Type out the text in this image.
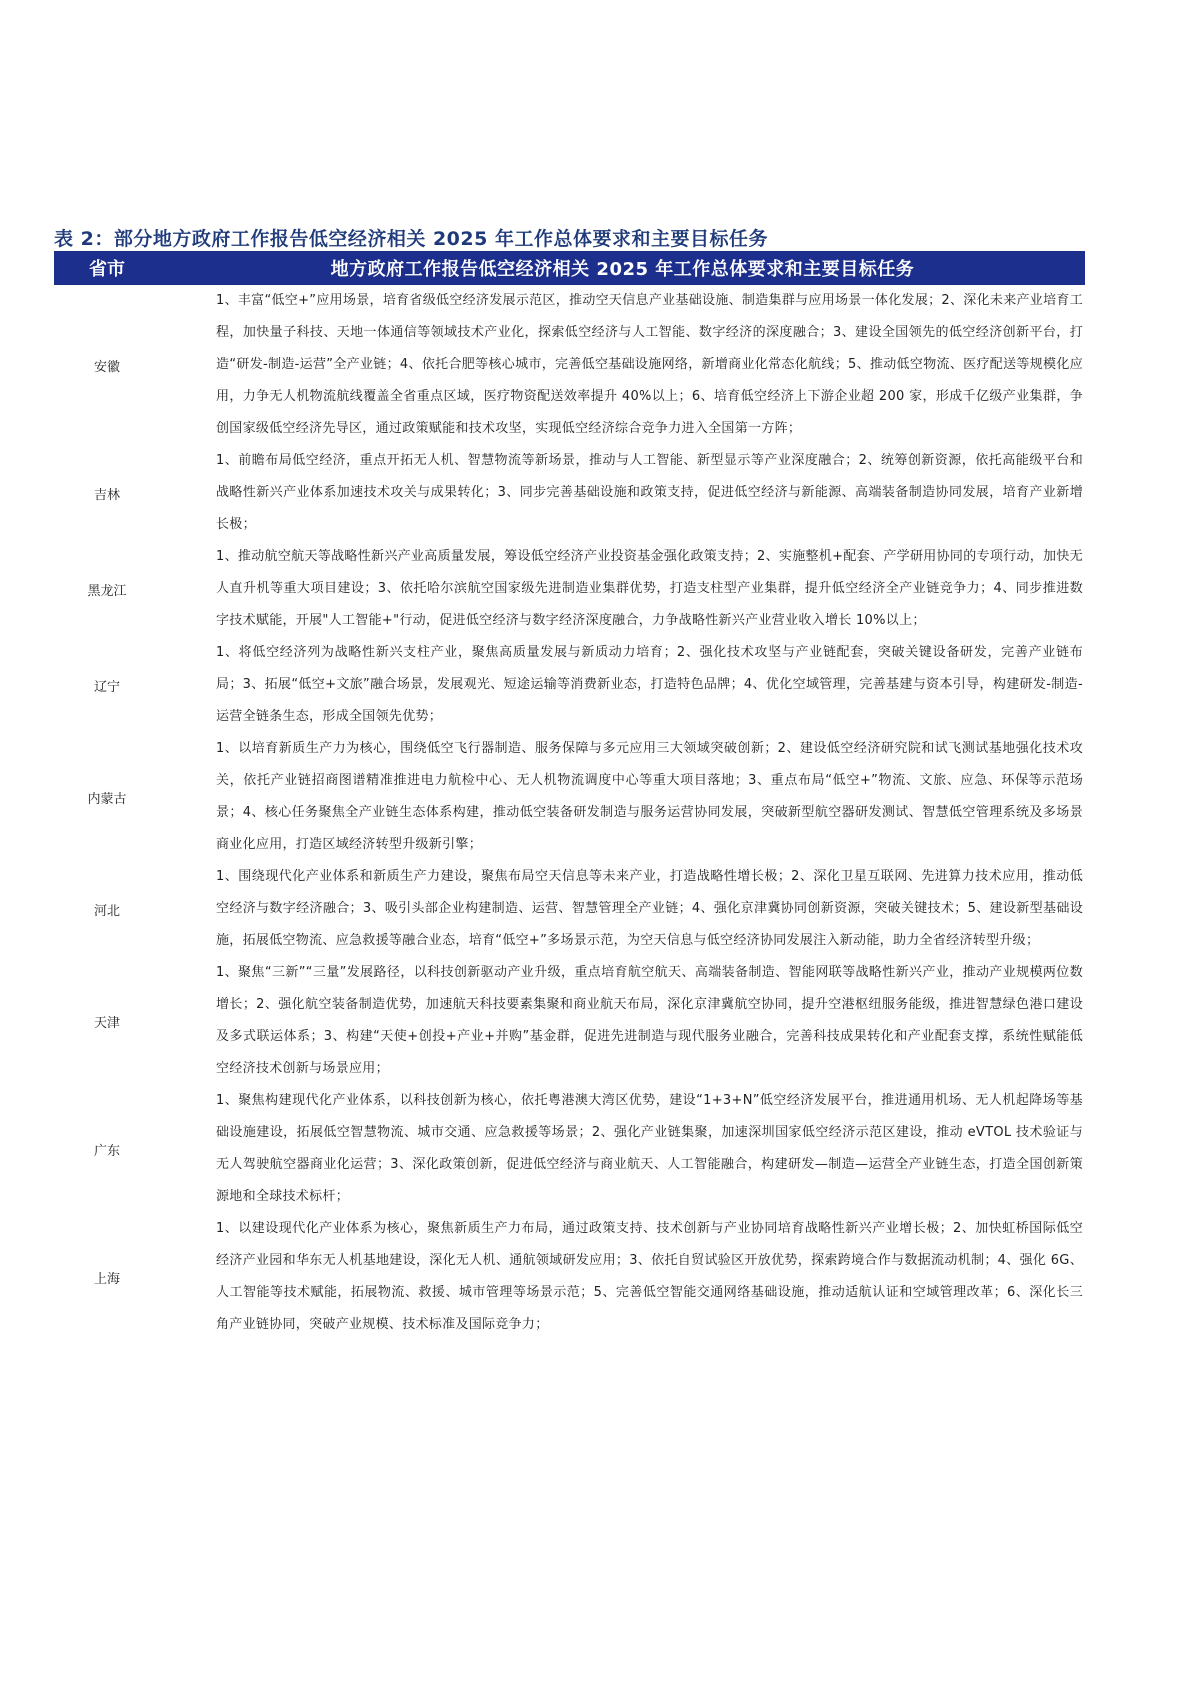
表 2：部分地方政府工作报告低空经济相关 2025 年工作总体要求和主要目标任务
省市	地方政府工作报告低空经济相关 2025 年工作总体要求和主要目标任务
安徽
1、丰富“低空+”应用场景，培育省级低空经济发展示范区，推动空天信息产业基础设施、制造集群与应用场景一体化发展；2、深化未来产业培育工程，加快量子科技、天地一体通信等领域技术产业化，探索低空经济与人工智能、数字经济的深度融合；3、建设全国领先的低空经济创新平台，打造“研发-制造-运营”全产业链；4、依托合肥等核心城市，完善低空基础设施网络，新增商业化常态化航线；5、推动低空物流、医疗配送等规模化应用，力争无人机物流航线覆盖全省重点区域，医疗物资配送效率提升 40%以上；6、培育低空经济上下游企业超 200 家，形成千亿级产业集群，争创国家级低空经济先导区，通过政策赋能和技术攻坚，实现低空经济综合竞争力进入全国第一方阵；
吉林
1、前瞻布局低空经济，重点开拓无人机、智慧物流等新场景，推动与人工智能、新型显示等产业深度融合；2、统筹创新资源，依托高能级平台和战略性新兴产业体系加速技术攻关与成果转化；3、同步完善基础设施和政策支持，促进低空经济与新能源、高端装备制造协同发展，培育产业新增长极；
黑龙江
1、推动航空航天等战略性新兴产业高质量发展，筹设低空经济产业投资基金强化政策支持；2、实施整机+配套、产学研用协同的专项行动，加快无人直升机等重大项目建设；3、依托哈尔滨航空国家级先进制造业集群优势，打造支柱型产业集群，提升低空经济全产业链竞争力；4、同步推进数字技术赋能，开展"人工智能+"行动，促进低空经济与数字经济深度融合，力争战略性新兴产业营业收入增长 10%以上；
辽宁
1、将低空经济列为战略性新兴支柱产业，聚焦高质量发展与新质动力培育；2、强化技术攻坚与产业链配套，突破关键设备研发，完善产业链布局；3、拓展“低空+文旅”融合场景，发展观光、短途运输等消费新业态，打造特色品牌；4、优化空域管理，完善基建与资本引导，构建研发-制造-运营全链条生态，形成全国领先优势；
内蒙古
1、以培育新质生产力为核心，围绕低空飞行器制造、服务保障与多元应用三大领域突破创新；2、建设低空经济研究院和试飞测试基地强化技术攻关，依托产业链招商图谱精准推进电力航检中心、无人机物流调度中心等重大项目落地；3、重点布局“低空+”物流、文旅、应急、环保等示范场景；4、核心任务聚焦全产业链生态体系构建，推动低空装备研发制造与服务运营协同发展，突破新型航空器研发测试、智慧低空管理系统及多场景商业化应用，打造区域经济转型升级新引擎；
河北
1、围绕现代化产业体系和新质生产力建设，聚焦布局空天信息等未来产业，打造战略性增长极；2、深化卫星互联网、先进算力技术应用，推动低空经济与数字经济融合；3、吸引头部企业构建制造、运营、智慧管理全产业链；4、强化京津冀协同创新资源，突破关键技术；5、建设新型基础设施，拓展低空物流、应急救援等融合业态，培育“低空+”多场景示范，为空天信息与低空经济协同发展注入新动能，助力全省经济转型升级；
天津
1、聚焦“三新”“三量”发展路径，以科技创新驱动产业升级，重点培育航空航天、高端装备制造、智能网联等战略性新兴产业，推动产业规模两位数增长；2、强化航空装备制造优势，加速航天科技要素集聚和商业航天布局，深化京津冀航空协同，提升空港枢纽服务能级，推进智慧绿色港口建设及多式联运体系；3、构建“天使+创投+产业+并购”基金群，促进先进制造与现代服务业融合，完善科技成果转化和产业配套支撑，系统性赋能低空经济技术创新与场景应用；
广东
1、聚焦构建现代化产业体系，以科技创新为核心，依托粤港澳大湾区优势，建设“1+3+N”低空经济发展平台，推进通用机场、无人机起降场等基础设施建设，拓展低空智慧物流、城市交通、应急救援等场景；2、强化产业链集聚，加速深圳国家低空经济示范区建设，推动 eVTOL 技术验证与无人驾驶航空器商业化运营；3、深化政策创新，促进低空经济与商业航天、人工智能融合，构建研发—制造—运营全产业链生态，打造全国创新策源地和全球技术标杆；
上海
1、以建设现代化产业体系为核心，聚焦新质生产力布局，通过政策支持、技术创新与产业协同培育战略性新兴产业增长极；2、加快虹桥国际低空经济产业园和华东无人机基地建设，深化无人机、通航领域研发应用；3、依托自贸试验区开放优势，探索跨境合作与数据流动机制；4、强化 6G、人工智能等技术赋能，拓展物流、救援、城市管理等场景示范；5、完善低空智能交通网络基础设施，推动适航认证和空域管理改革；6、深化长三角产业链协同，突破产业规模、技术标准及国际竞争力；
